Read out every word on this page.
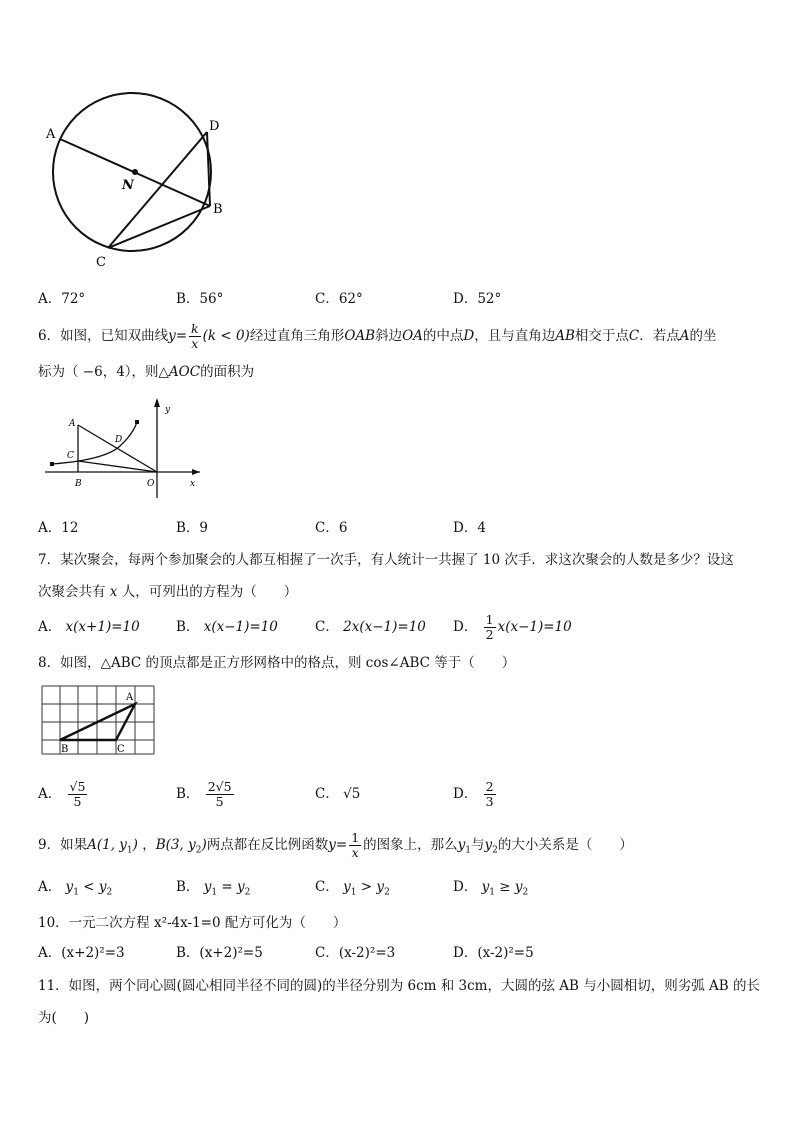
A
D
B
C
N
A．72°	B．56°	C．62°	D．52°
6．如图，已知双曲线$y= \frac{k}{x} (k < 0)$经过直角三角形OAB斜边OA的中点D，且与直角边AB相交于点C．若点A的坐
标为（ −6，4），则△AOC的面积为
A
C
D
B	O	x
y
A．12	B．9	C．6	D．4
7．某次聚会，每两个参加聚会的人都互相握了一次手，有人统计一共握了 10 次手．求这次聚会的人数是多少？设这
次聚会共有 x 人，可列出的方程为（　　）
A． x(x+1)=10	B． x(x−1)=10	C． 2x(x−1)=10 D． $\frac{1}{2} x(x-1)=10$
8．如图，△ABC 的顶点都是正方形网格中的格点，则 cos∠ABC 等于（　　）
A
B	C
A． $\frac{√5}{5}$	B． $\frac{2√5}{5}$	C． √5	D． $\frac{2}{3}$
9．如果A(1, $y_1$) ，B(3, $y_2$)两点都在反比例函数$y= \frac{1}{x}$ 的图象上，那么$y_1$与$y_2$的大小关系是（　　）
A． $y_1 < y_2$	B． $y_1 = y_2$	C． $y_1 > y_2$	D． $y_1 \ge y_2$
10．一元二次方程 x²-4x-1=0 配方可化为（　　）
A．(x+2)²=3	B．(x+2)²=5	C．(x-2)²=3	D．(x-2)²=5
11．如图，两个同心圆(圆心相同半径不同的圆)的半径分别为 6cm 和 3cm，大圆的弦 AB 与小圆相切，则劣弧 AB 的长
为(　　)
